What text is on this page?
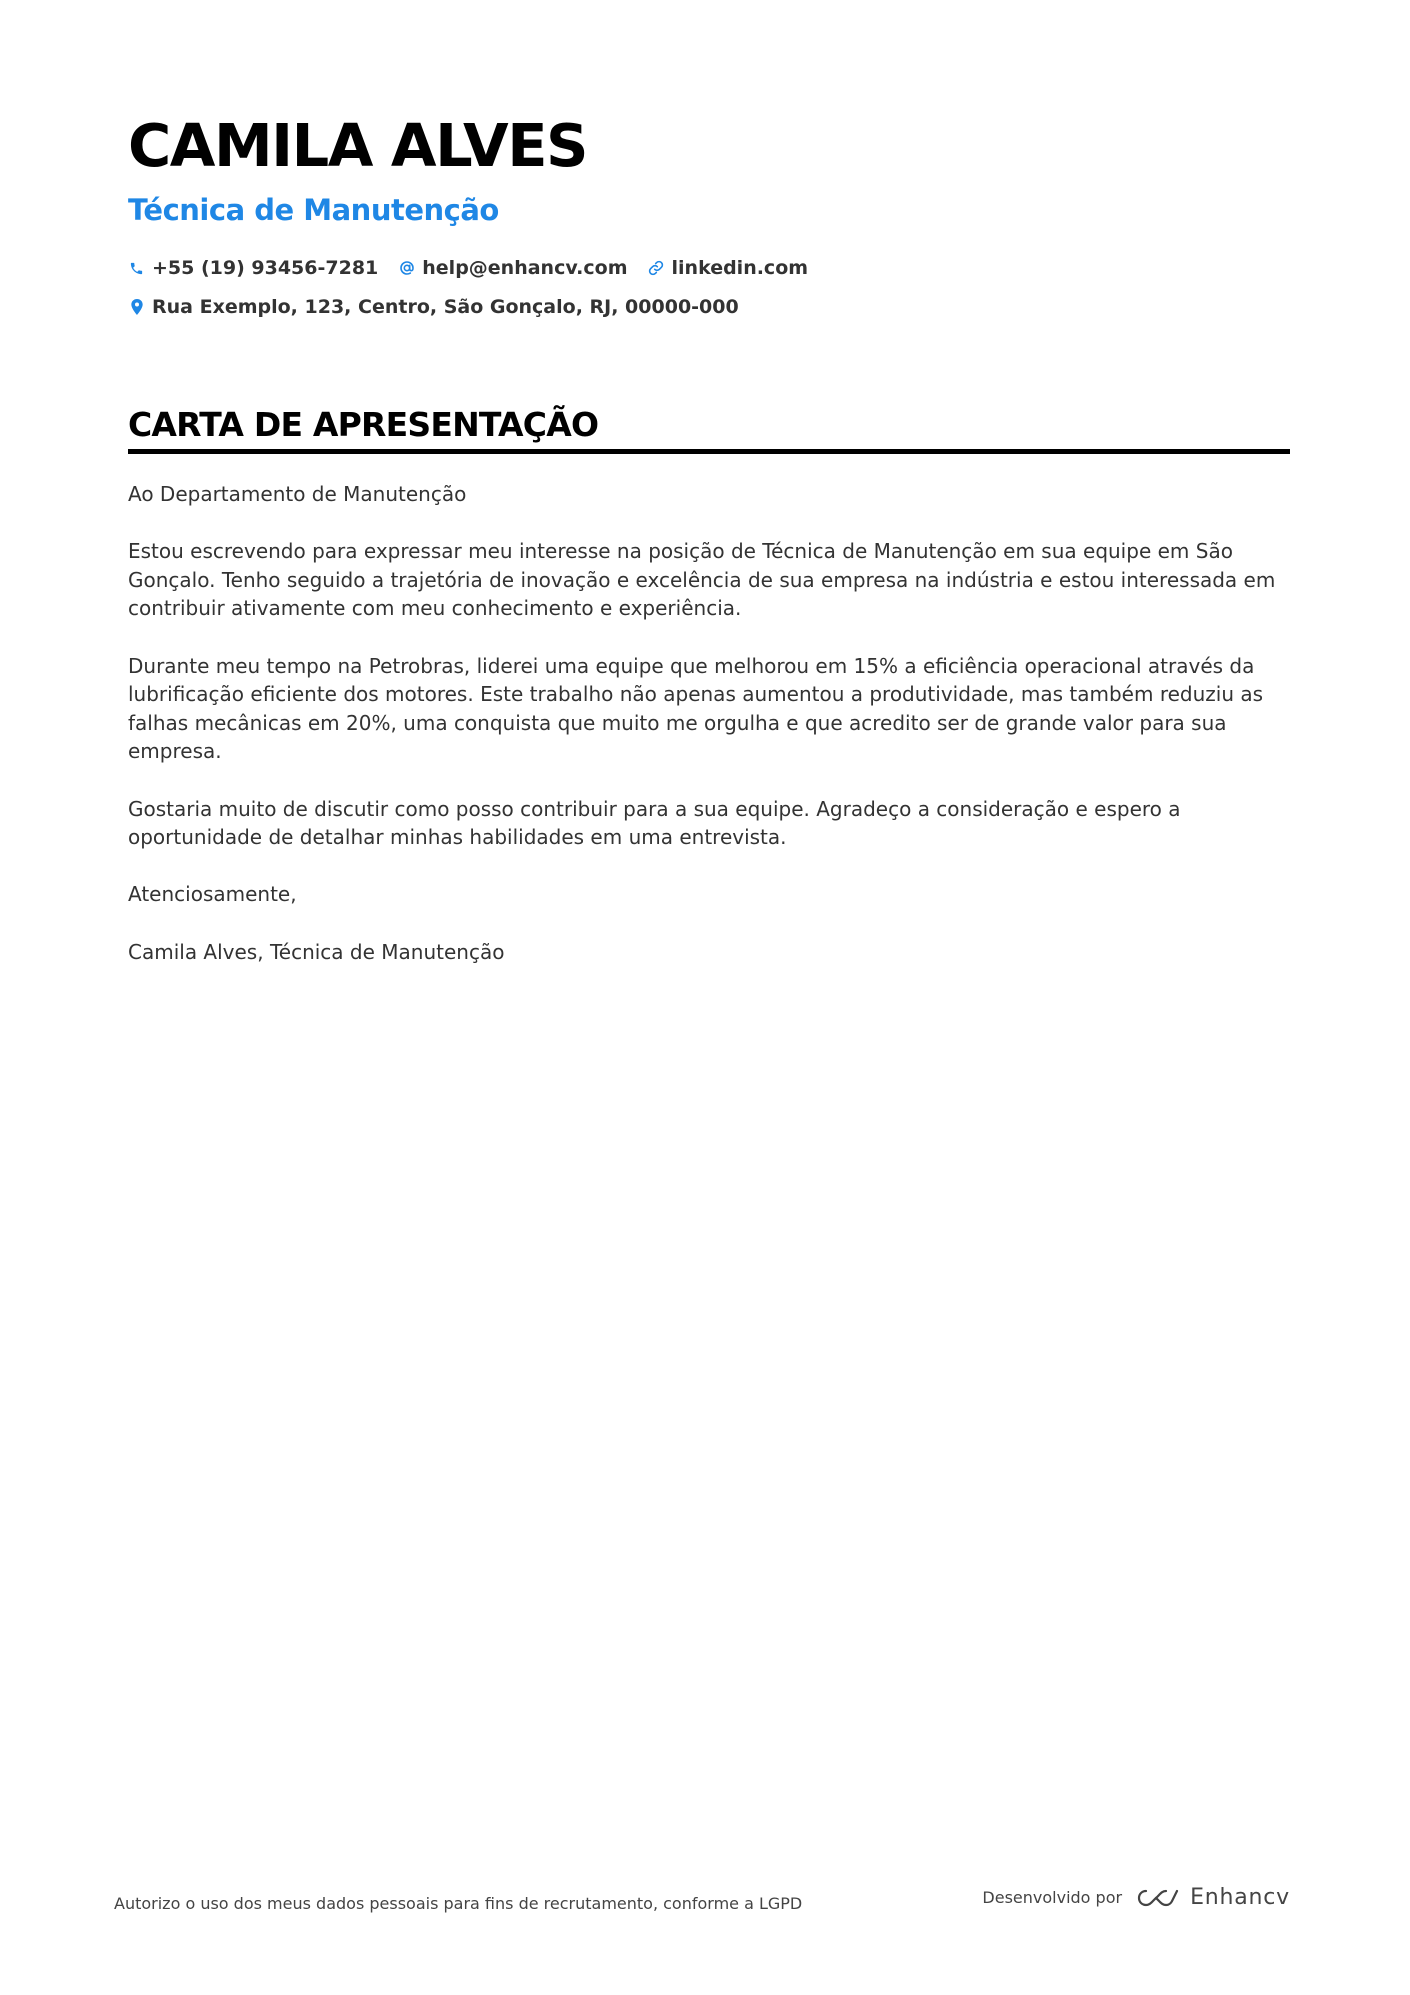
CAMILA ALVES
Técnica de Manutenção
+55 (19) 93456-7281 help@enhancv.com linkedin.com
Rua Exemplo, 123, Centro, São Gonçalo, RJ, 00000-000
CARTA DE APRESENTAÇÃO

Ao Departamento de Manutenção

Estou escrevendo para expressar meu interesse na posição de Técnica de Manutenção em sua equipe em São Gonçalo. Tenho seguido a trajetória de inovação e excelência de sua empresa na indústria e estou interessada em contribuir ativamente com meu conhecimento e experiência.

Durante meu tempo na Petrobras, liderei uma equipe que melhorou em 15% a eficiência operacional através da lubrificação eficiente dos motores. Este trabalho não apenas aumentou a produtividade, mas também reduziu as falhas mecânicas em 20%, uma conquista que muito me orgulha e que acredito ser de grande valor para sua empresa.

Gostaria muito de discutir como posso contribuir para a sua equipe. Agradeço a consideração e espero a oportunidade de detalhar minhas habilidades em uma entrevista.

Atenciosamente,

Camila Alves, Técnica de Manutenção

Autorizo o uso dos meus dados pessoais para fins de recrutamento, conforme a LGPD	Desenvolvido por	Enhancv
